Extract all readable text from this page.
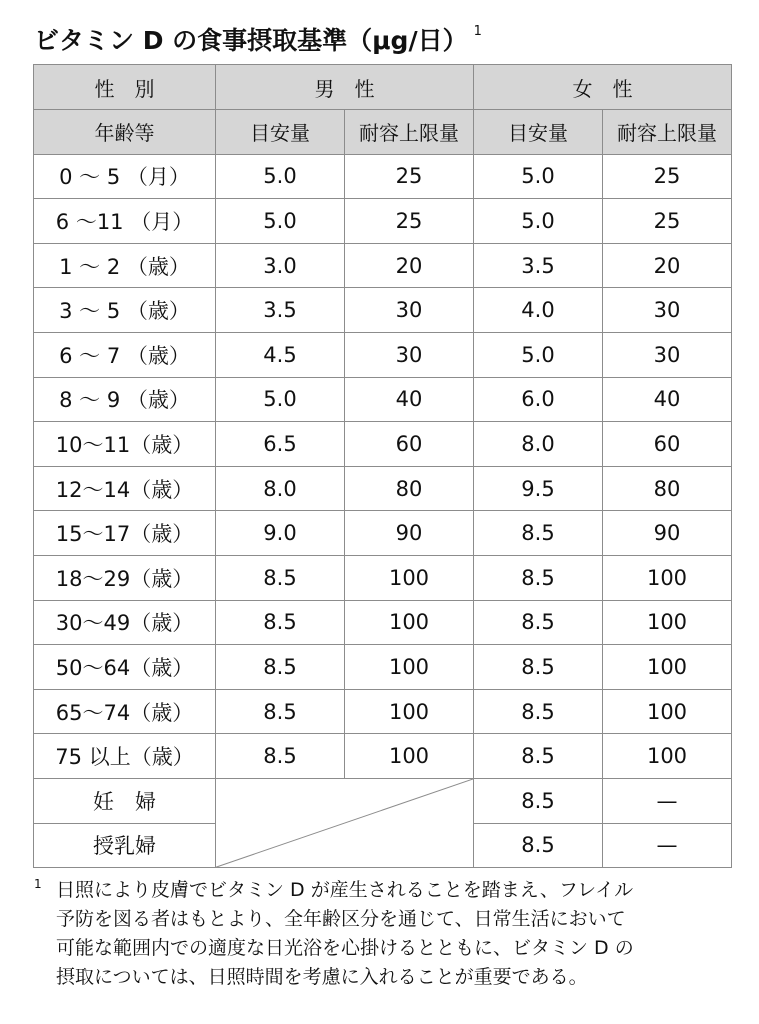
ビタミン D の食事摂取基準（μg/日） $^1$
性　別	男　性		女　性	
年齢等	目安量	耐容上限量	目安量	耐容上限量
0 ～ 5 （月）	5.0	25	5.0	25
6 ～11 （月）	5.0	25	5.0	25
1 ～ 2 （歳）	3.0	20	3.5	20
3 ～ 5 （歳）	3.5	30	4.0	30
6 ～ 7 （歳）	4.5	30	5.0	30
8 ～ 9 （歳）	5.0	40	6.0	40
10～11（歳）	6.5	60	8.0	60
12～14（歳）	8.0	80	9.5	80
15～17（歳）	9.0	90	8.5	90
18～29（歳）	8.5	100	8.5	100
30～49（歳）	8.5	100	8.5	100
50～64（歳）	8.5	100	8.5	100
65～74（歳）	8.5	100	8.5	100
75 以上（歳）	8.5	100	8.5	100
妊　婦			8.5	—
授乳婦			8.5	—
1 日照により皮膚でビタミン D が産生されることを踏まえ、フレイル
予防を図る者はもとより、全年齢区分を通じて、日常生活において
可能な範囲内での適度な日光浴を心掛けるとともに、ビタミン D の
摂取については、日照時間を考慮に入れることが重要である。
